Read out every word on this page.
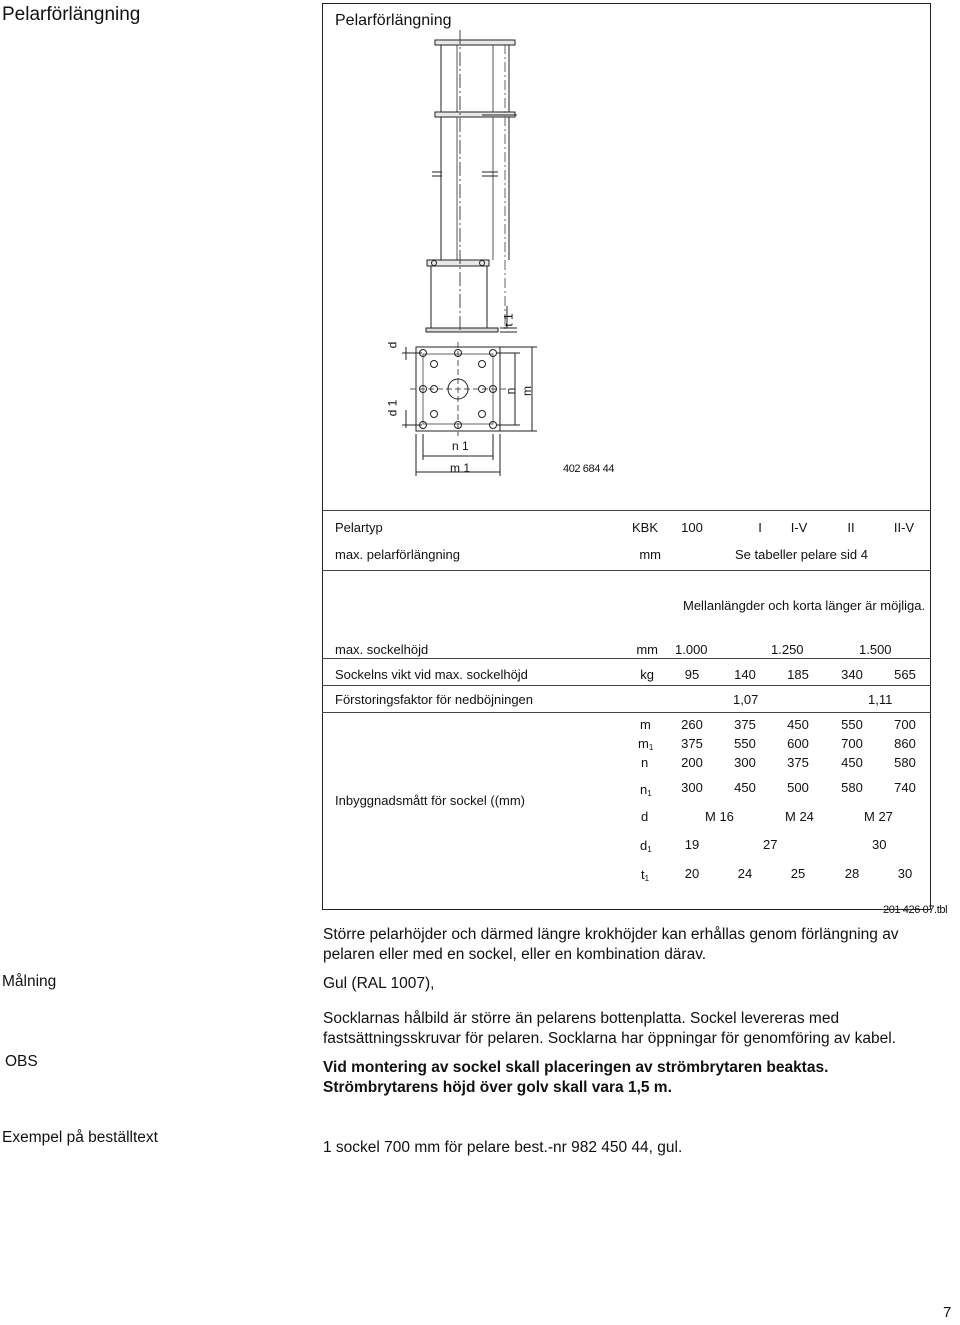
Pelarförlängning	Pelarförlängning
d
d 1
t 1
n m
n 1
m 1	402 684 44
Pelartyp	KBK	100	I	I-V	II	II-V
max. pelarförlängning	mm	Se tabeller pelare sid 4
Mellanlängder och korta länger är möjliga.
max. sockelhöjd	mm 1.000	1.250	1.500
Sockelns vikt vid max. sockelhöjd	kg	95	140	185	340	565
Förstoringsfaktor för nedböjningen	1,07	1,11
Inbyggnadsmått för sockel ((mm)
m	260	375	450	550	700
$m_1$	375	550	600	700	860
n	200	300	375	450	580
$n_1$	300	450	500	580	740
d	M 16	M 24	M 27
$d_1$	19	27	30
$t_1$	20	24	25	28	30
201 426 07.tbl
Större pelarhöjder och därmed längre krokhöjder kan erhållas genom förlängning av pelaren eller med en sockel, eller en kombination därav.
Målning	Gul (RAL 1007),
Socklarnas hålbild är större än pelarens bottenplatta. Sockel levereras med fastsättningsskruvar för pelaren. Socklarna har öppningar för genomföring av kabel.
OBS	Vid montering av sockel skall placeringen av strömbrytaren beaktas. Strömbrytarens höjd över golv skall vara 1,5 m.
Exempel på beställtext
1 sockel 700 mm för pelare best.-nr 982 450 44, gul.
7
